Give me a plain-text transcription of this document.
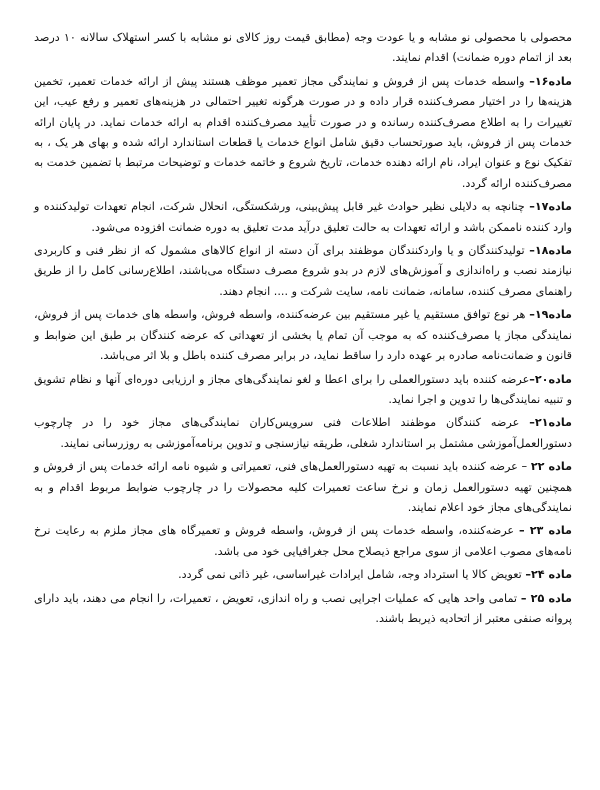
محصولی با محصولی نو مشابه و یا عودت وجه (مطابق قیمت روز کالای نو مشابه با کسر استهلاک سالانه ۱۰ درصد بعد از اتمام دوره ضمانت) اقدام نمایند.

ماده۱۶– واسطه خدمات پس از فروش و نمایندگی مجاز تعمیر موظف هستند پیش از ارائه خدمات تعمیر، تخمین هزینه‌ها را در اختیار مصرف‌کننده قرار داده و در صورت هرگونه تغییر احتمالی در هزینه‌های تعمیر و رفع عیب، این تغییرات را به اطلاع مصرف‌کننده رسانده و در صورت تأیید مصرف‌کننده اقدام به ارائه خدمات نماید. در پایان ارائه خدمات پس از فروش، باید صورتحساب دقیق شامل انواع خدمات یا قطعات استاندارد ارائه شده و بهای هر یک ، به تفکیک نوع و عنوان ایراد، نام ارائه دهنده خدمات، تاریخ شروع و خاتمه خدمات و توضیحات مرتبط با تضمین خدمت به مصرف‌کننده ارائه گردد.

ماده۱۷– چنانچه به دلایلی نظیر حوادث غیر قابل پیش‌بینی، ورشکستگی، انحلال شرکت، انجام تعهدات تولیدکننده و وارد کننده ناممکن باشد و ارائه تعهدات به حالت تعلیق درآید مدت تعلیق به دوره ضمانت افزوده می‌شود.

ماده۱۸– تولیدکنندگان و یا واردکنندگان موظفند برای آن دسته از انواع کالاهای مشمول که از نظر فنی و کاربردی نیازمند نصب و راه‌اندازی و آموزش‌های لازم در بدو شروع مصرف دستگاه می‌باشند، اطلاع‌رسانی کامل را از طریق راهنمای مصرف کننده، سامانه، ضمانت نامه، سایت شرکت و .... انجام دهند.

ماده۱۹– هر نوع توافق مستقیم یا غیر مستقیم بین عرضه‌کننده، واسطه فروش، واسطه های خدمات پس از فروش، نمایندگی مجاز یا مصرف‌کننده که به موجب آن تمام یا بخشی از تعهداتی که عرضه کنندگان بر طبق این ضوابط و قانون و ضمانت‌نامه صادره بر عهده دارد را ساقط نماید، در برابر مصرف کننده باطل و بلا اثر می‌باشد.

ماده۲۰–عرضه کننده باید دستورالعملی را برای اعطا و لغو نمایندگی‌های مجاز و ارزیابی دوره‌ای آنها و نظام تشویق و تنبیه نمایندگی‌ها را تدوین و اجرا نماید.

ماده۲۱– عرضه کنندگان موظفند اطلاعات فنی سرویس‌کاران نمایندگی‌های مجاز خود را در چارچوب دستورالعمل‌آموزشی مشتمل بر استاندارد شغلی، طریقه نیازسنجی و تدوین برنامه‌آموزشی به روزرسانی نمایند.

ماده ۲۲ – عرضه کننده باید نسبت به تهیه دستورالعمل‌های فنی، تعمیراتی و شیوه نامه ارائه خدمات پس از فروش و همچنین تهیه دستورالعمل زمان و نرخ ساعت تعمیرات کلیه محصولات را در چارچوب ضوابط مربوط اقدام و به نمایندگی‌های مجاز خود اعلام نمایند.

ماده ۲۳ – عرضه‌کننده، واسطه خدمات پس از فروش، واسطه فروش و تعمیرگاه های مجاز ملزم به رعایت نرخ نامه‌های مصوب اعلامی از سوی مراجع ذیصلاح محل جغرافیایی خود می باشد.

ماده ۲۴– تعویض کالا یا استرداد وجه، شامل ایرادات غیراساسی، غیر ذاتی نمی گردد.

ماده ۲۵ – تمامی واحد هایی که عملیات اجرایی نصب و راه اندازی، تعویض ، تعمیرات، را انجام می دهند، باید دارای پروانه صنفی معتبر از اتحادیه ذیربط باشند.
